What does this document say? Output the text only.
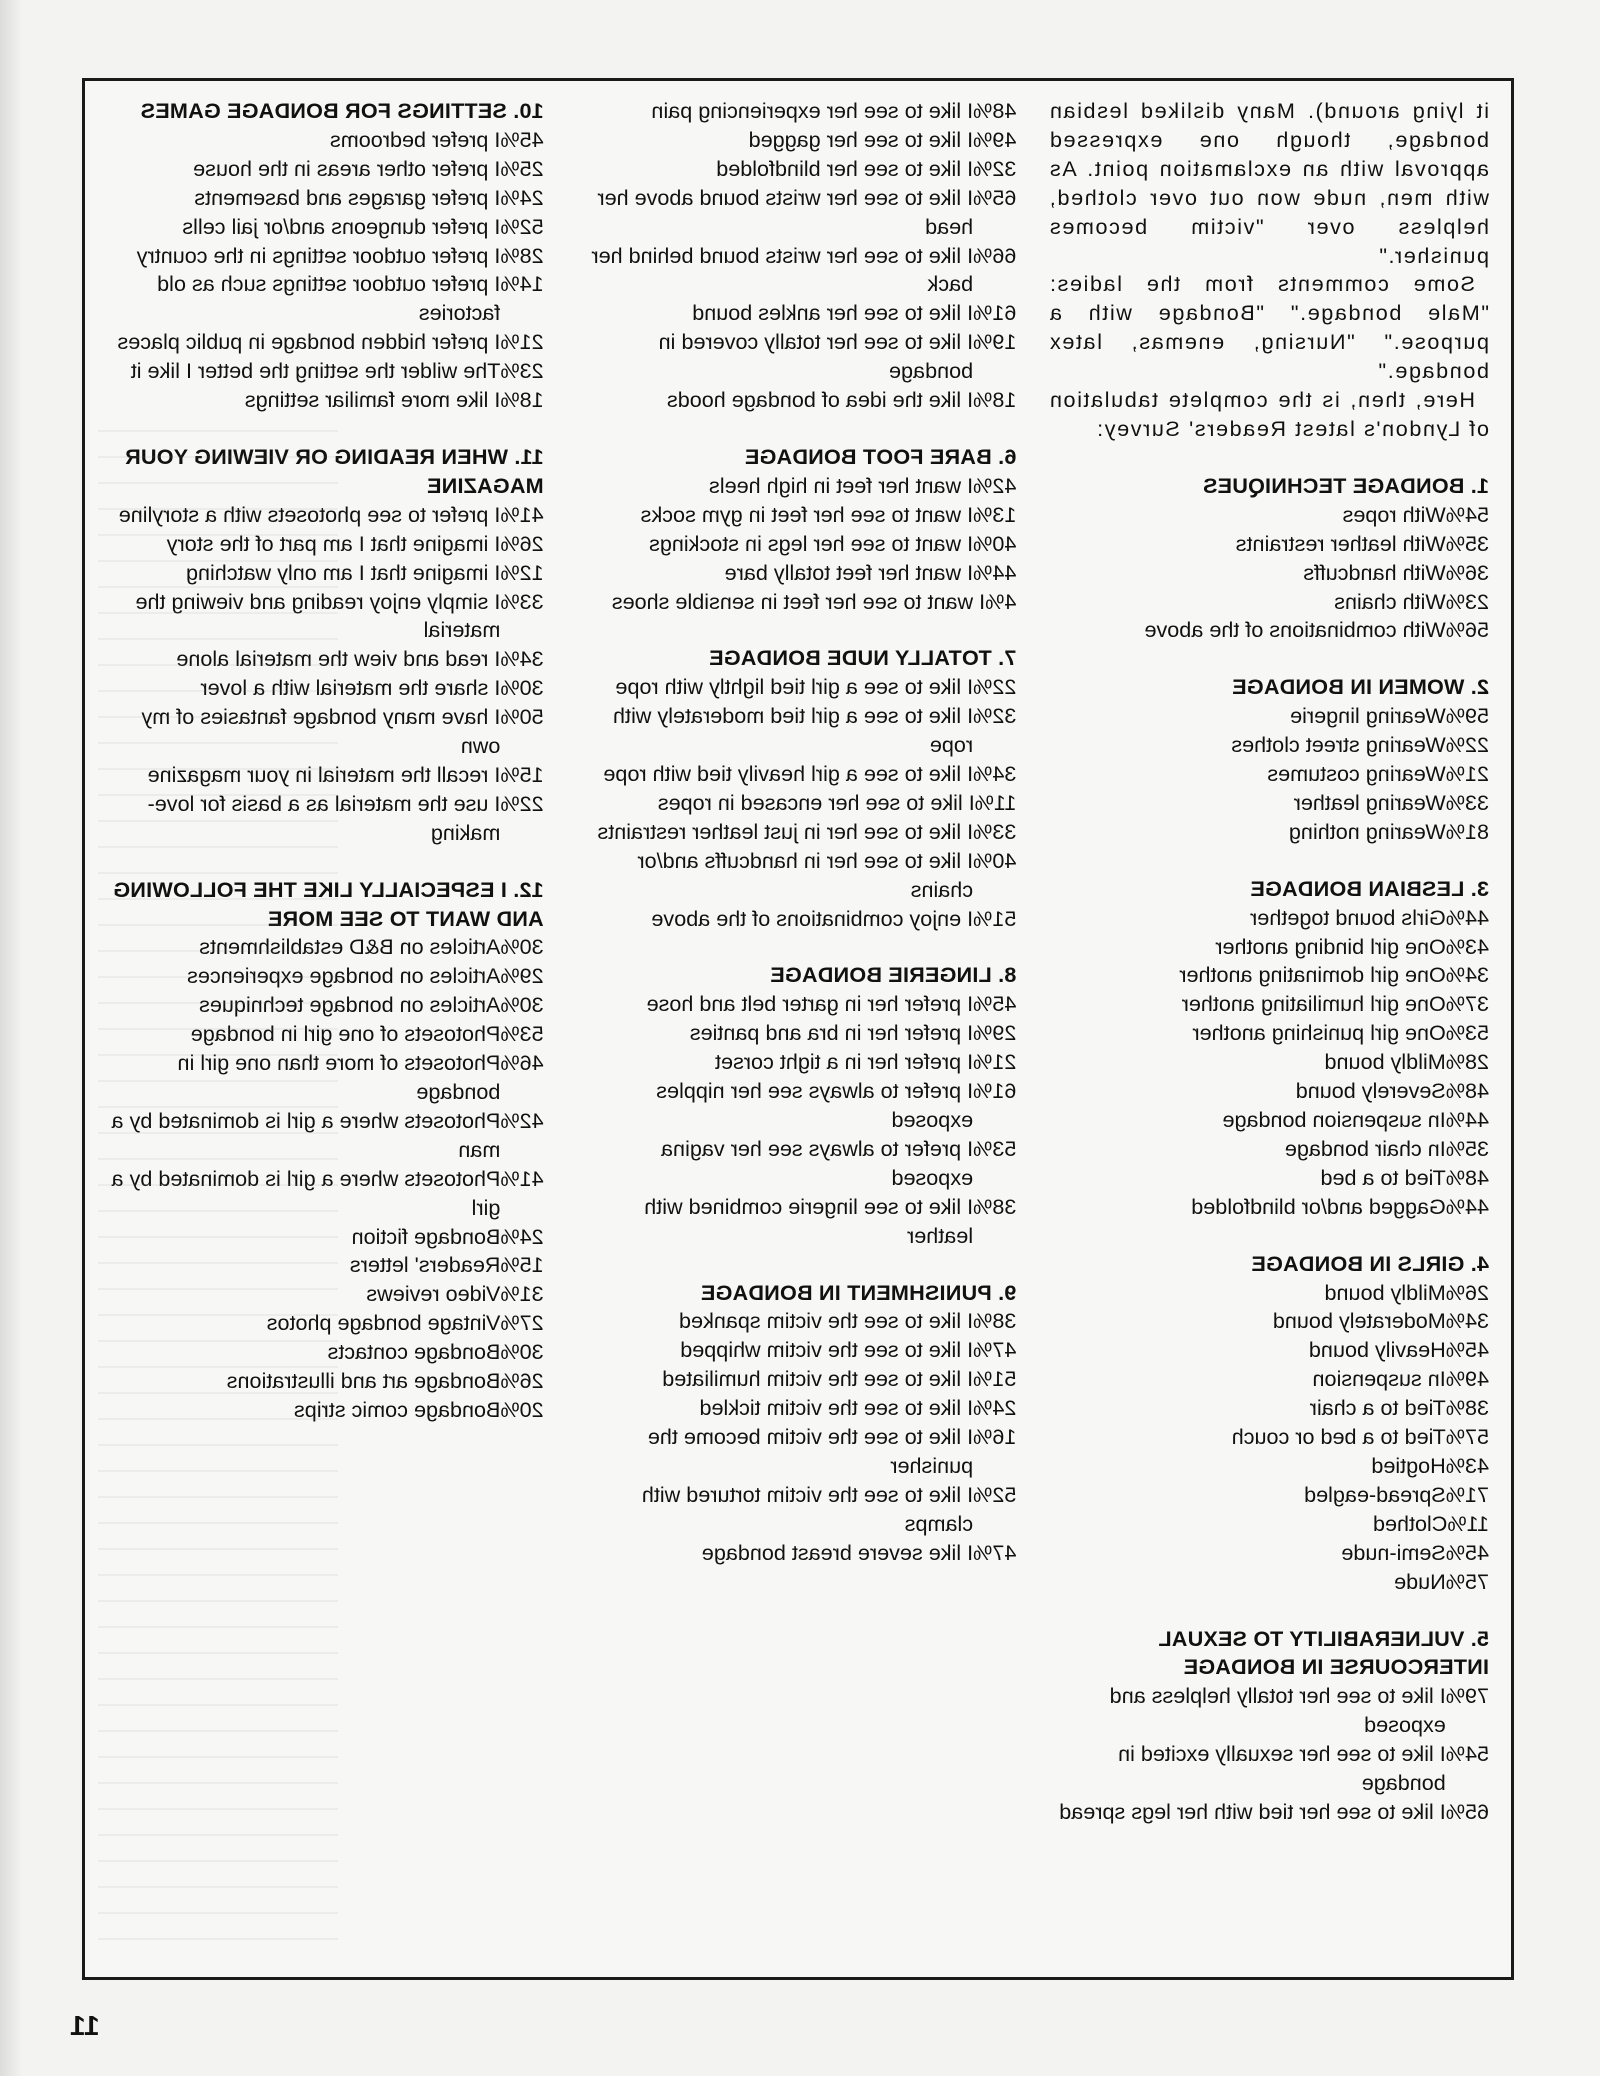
it lying around). Many disliked lesbian bondage, though one expressed approval with an exclamation point. As with men, nude won out over clothed, helpless over "victim becomes punisher."

Some comments from the ladies: "Male bondage." "Bondage with a purpose." "Nursing, enemas, latex bondage."

Here, then, is the complete tabulation of Lyndon's latest Readers' Survey:

1. BONDAGE TECHNIQUES
54%
With ropes
35%
With leather restraints
36%
With handcuffs
23%
With chains
56%
With combinations of the above
2. WOMEN IN BONDAGE
59%
Wearing lingerie
22%
Wearing street clothes
21%
Wearing costumes
33%
Wearing leather
81%
Wearing nothing
3. LESBIAN BONDAGE
44%
Girls bound together
43%
One girl binding another
34%
One girl dominating another
37%
One girl humiliating another
53%
One girl punishing another
28%
Mildly bound
48%
Severely bound
44%
In suspension bondage
35%
In chair bondage
48%
Tied to a bed
44%
Gagged and/or blindfolded
4. GIRLS IN BONDAGE
26%
Mildly bound
34%
Moderately bound
45%
Heavily bound
49%
In suspension
38%
Tied to a chair
57%
Tied to a bed or couch
43%
Hogtied
71%
Spread-eagled
11%
Clothed
45%
Semi-nude
75%
Nude
5. VULNERABILITY TO SEXUAL INTERCOURSE IN BONDAGE
79%
I like to see her totally helpless and exposed
54%
I like to see her sexually excited in bondage
65%
I like to see her tied with her legs spread
48%
I like to see her experiencing pain
49%
I like to see her gagged
32%
I like to see her blindfolded
65%
I like to see her wrists bound above her head
66%
I like to see her wrists bound behind her back
61%
I like to see her ankles bound
19%
I like to see her totally covered in bondage
18%
I like the idea of bondage hoods
6. BARE FOOT BONDAGE
42%
I want her feet in high heels
13%
I want to see her feet in gym socks
40%
I want to see her legs in stockings
44%
I want her feet totally bare
4%
I want to see her feet in sensible shoes
7. TOTALLY NUDE BONDAGE
22%
I like to see a girl tied lightly with rope
32%
I like to see a girl tied moderately with rope
34%
I like to see a girl heavily tied with rope
11%
I like to see her encased in ropes
33%
I like to see her in just leather restraints
40%
I like to see her in handcuffs and/or chains
51%
I enjoy combinations of the above
8. LINGERIE BONDAGE
45%
I prefer her in garter belt and hose
29%
I prefer her in bra and panties
21%
I prefer her in a tight corset
61%
I prefer to always see her nipples exposed
53%
I prefer to always see her vagina exposed
38%
I like to see lingerie combined with leather
9. PUNISHMENT IN BONDAGE
38%
I like to see the victim spanked
47%
I like to see the victim whipped
51%
I like to see the victim humiliated
24%
I like to see the victim tickled
16%
I like to see the victim become the punisher
52%
I like to see the victim tortured with clamps
47%
I like severe breast bondage
10. SETTINGS FOR BONDAGE GAMES
45%
I prefer bedrooms
25%
I prefer other areas in the house
24%
I prefer garages and basements
52%
I prefer dungeons and/or jail cells
28%
I prefer outdoor settings in the country
14%
I prefer outdoor settings such as old factories
21%
I prefer hidden bondage in public places
23%
The wilder the setting the better I like it
18%
I like more familiar settings
11. WHEN READING OR VIEWING YOUR MAGAZINE
41%
I prefer to see photosets with a storyline
26%
I imagine that I am part of the story
12%
I imagine that I am only watching
33%
I simply enjoy reading and viewing the material
34%
I read and view the material alone
30%
I share the material with a lover
50%
I have many bondage fantasies of my own
15%
I recall the material in your magazine
22%
I use the material as a basis for love-making
12. I ESPECIALLY LIKE THE FOLLOWING AND WANT TO SEE MORE
30%
Articles on B&D establishments
29%
Articles on bondage experiences
30%
Articles on bondage techniques
53%
Photosets of one girl in bondage
46%
Photosets of more than one girl in bondage
42%
Photosets where a girl is dominated by a man
41%
Photosets where a girl is dominated by a girl
24%
Bondage fiction
15%
Readers' letters
31%
Video reviews
27%
Vintage bondage photos
30%
Bondage contacts
26%
Bondage art and illustrations
20%
Bondage comic strips
11
